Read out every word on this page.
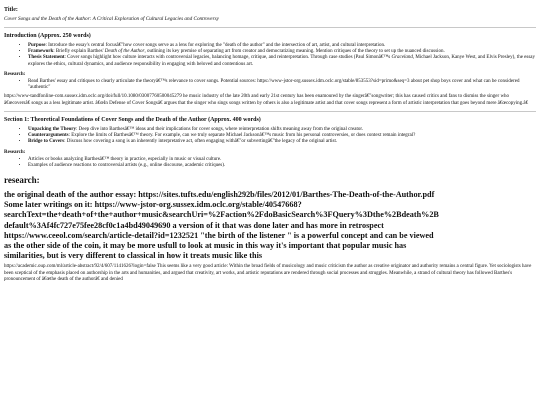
Title:
Cover Songs and the Death of the Author: A Critical Exploration of Cultural Legacies and Controversy
Introduction (Approx. 250 words)
• Purpose: Introduce the essay's central focusâ€"how cover songs serve as a lens for exploring the "death of the author" and the intersection of art, artist, and cultural interpretation.
• Framework: Briefly explain Barthes' Death of the Author, outlining its key premise of separating art from creator and democratizing meaning. Mention critiques of the theory to set up the nuanced discussion.
• Thesis Statement: Cover songs highlight how culture interacts with controversial legacies, balancing homage, critique, and reinterpretation. Through case studies (Paul Simonâ€™s Graceland, Michael Jackson, Kanye West, and Elvis Presley), the essay explores the ethics, cultural dynamics, and audience responsibility in engaging with beloved and contentious art.
Research:
• Read Barthes' essay and critiques to clearly articulate the theoryâ€™s relevance to cover songs. Potential sources: https://www-jstor-org.sussex.idm.oclc.org/stable/853553?sid=primo&seq=3 about pet shop boys cover and what can be considered "authentic"
https://www-tandfonline-com.sussex.idm.oclc.org/doi/full/10.1080/03007760500045279 he music industry of the late 20th and early 21st century has been enamoured by the singerâ€"songwriter; this has caused critics and fans to dismiss the singer who â€œcoversâ€ songs as a less legitimate artist. â€œIn Defense of Cover Songsâ€ argues that the singer who sings songs written by others is also a legitimate artist and that cover songs represent a form of artistic interpretation that goes beyond mere â€œcopying.â€
Section 1: Theoretical Foundations of Cover Songs and the Death of the Author (Approx. 400 words)
• Unpacking the Theory: Deep dive into Barthesâ€™ ideas and their implications for cover songs, where reinterpretation shifts meaning away from the original creator.
• Counterarguments: Explore the limits of Barthesâ€™ theory. For example, can we truly separate Michael Jacksonâ€™s music from his personal controversies, or does context remain integral?
• Bridge to Covers: Discuss how covering a song is an inherently interpretative act, often engaging withâ€"or subvertingâ€"the legacy of the original artist.
Research:
• Articles or books analyzing Barthesâ€™ theory in practice, especially in music or visual culture.
• Examples of audience reactions to controversial artists (e.g., online discourse, academic critiques).
research:
the original death of the author essay: https://sites.tufts.edu/english292b/files/2012/01/Barthes-The-Death-of-the-Author.pdf
Some later writings on it: https://www-jstor-org.sussex.idm.oclc.org/stable/40547668?
searchText=the+death+of+the+author+music&searchUri=%2Faction%2FdoBasicSearch%3FQuery%3Dthe%2Bdeath%2B
default%3Af4fc727e75fee28cf0c1a4bd49049690 a version of it that was done later and has more in retrospect
https://www.ceeol.com/search/article-detail?id=1232521 "the birth of the listener " is a powerful concept and can be viewed
as the other side of the coin, it may be more usfull to look at music in this way it's important that popular music has
similarities, but is very different to classical in how it treats music like this
https://academic.oup.com/ml/article-abstract/92/4/607/1141626?login=false This seems like a very good article: Within the broad fields of musicology and music criticism the author as creative originator and authority remains a central figure. Yet sociologists have been sceptical of the emphasis placed on authorship in the arts and humanities, and argued that creativity, art works, and artistic reputations are rendered through social processes and struggles. Meanwhile, a strand of cultural theory has followed Barthes's pronouncement of â€œthe death of the authorâ€ and denied
